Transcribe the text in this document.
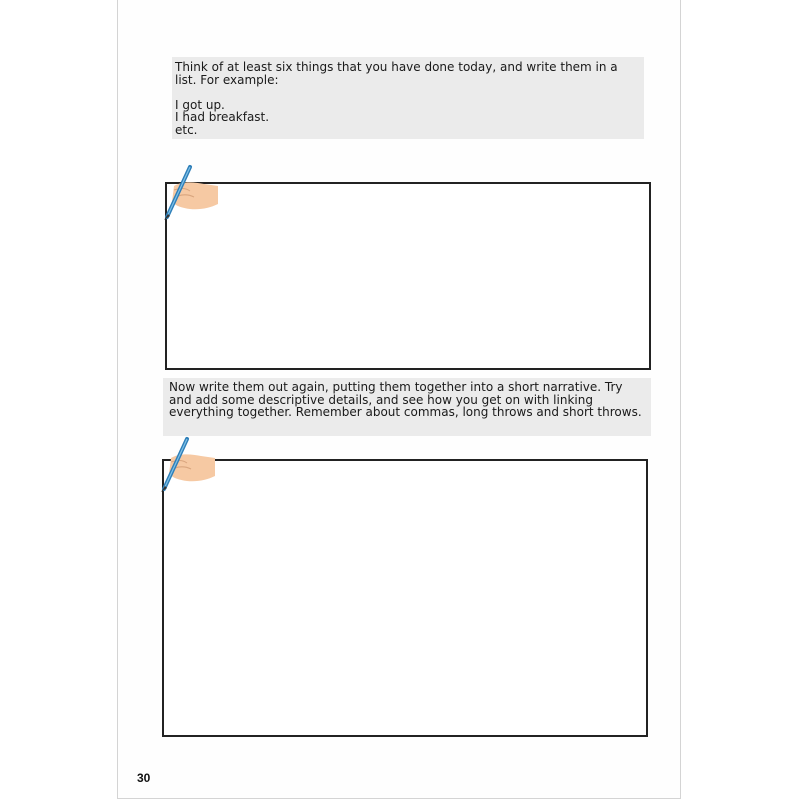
Think of at least six things that you have done today, and write them in a list. For example:

I got up.
I had breakfast.
etc.
Now write them out again, putting them together into a short narrative. Try and add some descriptive details, and see how you get on with linking everything together. Remember about commas, long throws and short throws.
30
